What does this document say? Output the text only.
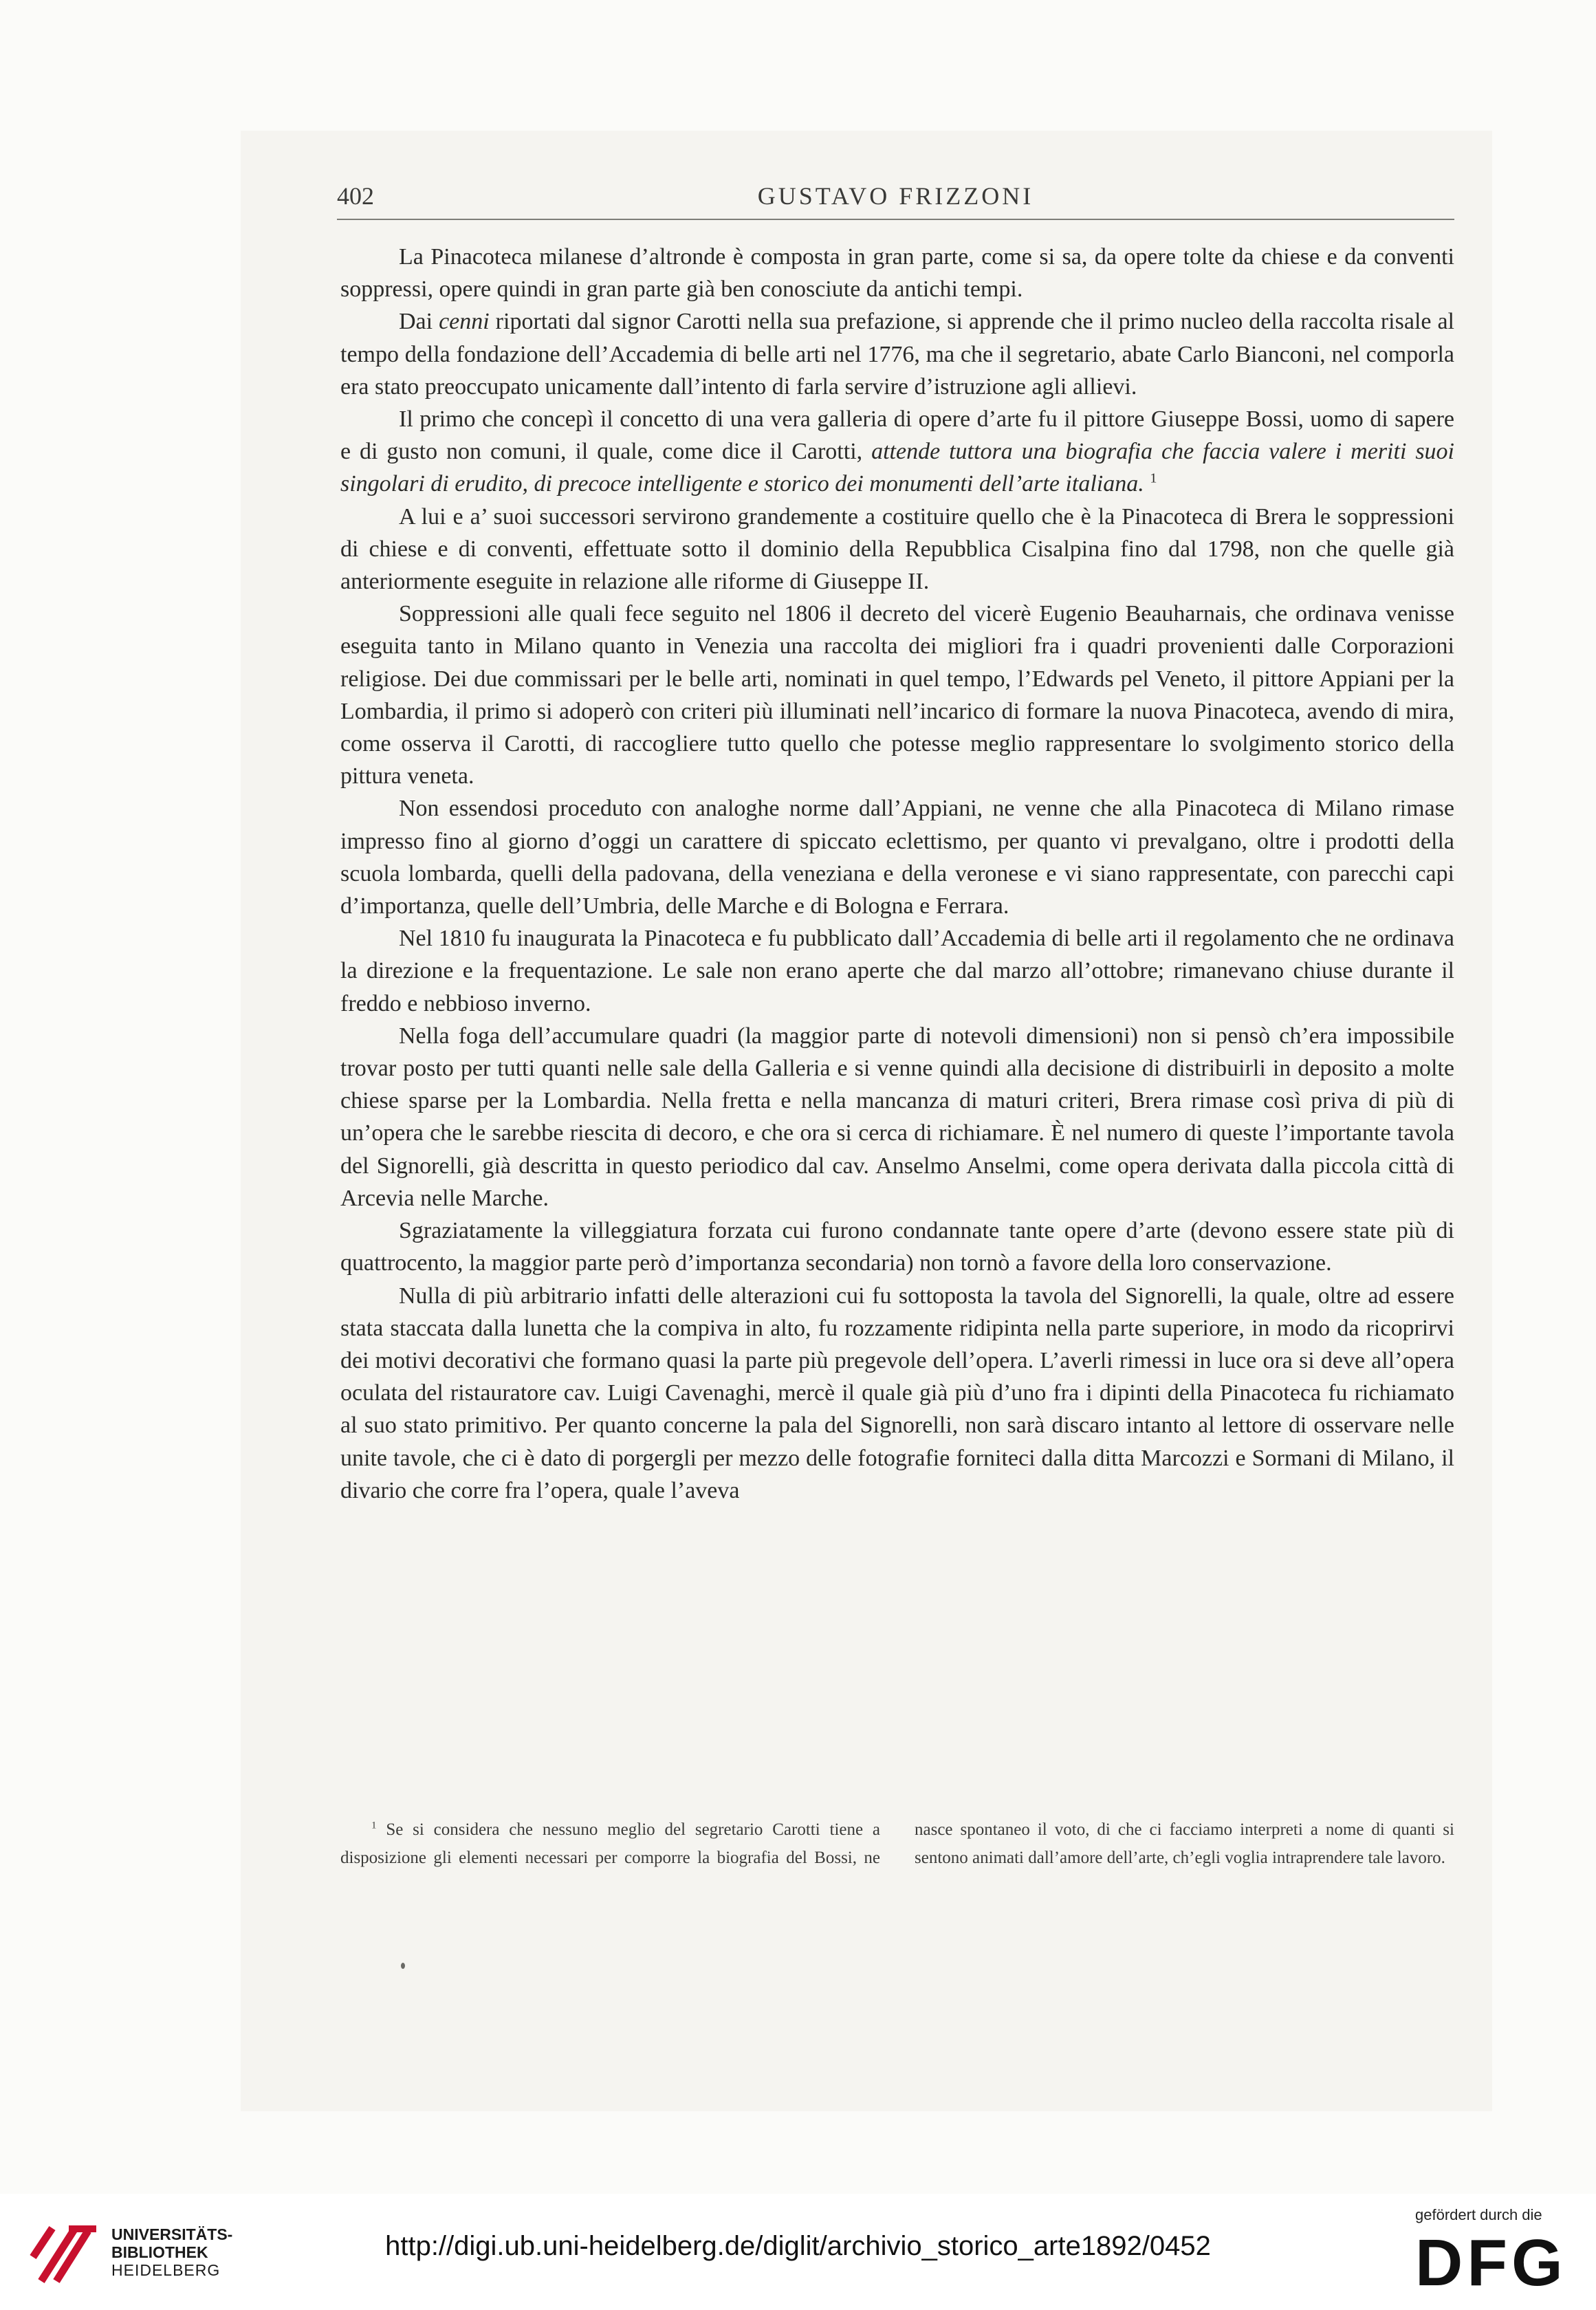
402	GUSTAVO FRIZZONI

La Pinacoteca milanese d’altronde è composta in gran parte, come si sa, da opere tolte da chiese e da conventi soppressi, opere quindi in gran parte già ben conosciute da antichi tempi.

Dai cenni riportati dal signor Carotti nella sua prefazione, si apprende che il primo nucleo della raccolta risale al tempo della fondazione dell’Accademia di belle arti nel 1776, ma che il segretario, abate Carlo Bianconi, nel comporla era stato preoccupato unicamente dall’intento di farla servire d’istruzione agli allievi.

Il primo che concepì il concetto di una vera galleria di opere d’arte fu il pittore Giuseppe Bossi, uomo di sapere e di gusto non comuni, il quale, come dice il Carotti, attende tuttora una biografia che faccia valere i meriti suoi singolari di erudito, di precoce intelligente e storico dei monumenti dell’arte italiana. $^1$

A lui e a’ suoi successori servirono grandemente a costituire quello che è la Pinacoteca di Brera le soppressioni di chiese e di conventi, effettuate sotto il dominio della Repubblica Cisalpina fino dal 1798, non che quelle già anteriormente eseguite in relazione alle riforme di Giuseppe II.

Soppressioni alle quali fece seguito nel 1806 il decreto del vicerè Eugenio Beauharnais, che ordinava venisse eseguita tanto in Milano quanto in Venezia una raccolta dei migliori fra i quadri provenienti dalle Corporazioni religiose. Dei due commissari per le belle arti, nominati in quel tempo, l’Edwards pel Veneto, il pittore Appiani per la Lombardia, il primo si adoperò con criteri più illuminati nell’incarico di formare la nuova Pinacoteca, avendo di mira, come osserva il Carotti, di raccogliere tutto quello che potesse meglio rappresentare lo svolgimento storico della pittura veneta.

Non essendosi proceduto con analoghe norme dall’Appiani, ne venne che alla Pinacoteca di Milano rimase impresso fino al giorno d’oggi un carattere di spiccato eclettismo, per quanto vi prevalgano, oltre i prodotti della scuola lombarda, quelli della padovana, della veneziana e della veronese e vi siano rappresentate, con parecchi capi d’importanza, quelle dell’Umbria, delle Marche e di Bologna e Ferrara.

Nel 1810 fu inaugurata la Pinacoteca e fu pubblicato dall’Accademia di belle arti il regolamento che ne ordinava la direzione e la frequentazione. Le sale non erano aperte che dal marzo all’ottobre; rimanevano chiuse durante il freddo e nebbioso inverno.

Nella foga dell’accumulare quadri (la maggior parte di notevoli dimensioni) non si pensò ch’era impossibile trovar posto per tutti quanti nelle sale della Galleria e si venne quindi alla decisione di distribuirli in deposito a molte chiese sparse per la Lombardia. Nella fretta e nella mancanza di maturi criteri, Brera rimase così priva di più di un’opera che le sarebbe riescita di decoro, e che ora si cerca di richiamare. È nel numero di queste l’importante tavola del Signorelli, già descritta in questo periodico dal cav. Anselmo Anselmi, come opera derivata dalla piccola città di Arcevia nelle Marche.

Sgraziatamente la villeggiatura forzata cui furono condannate tante opere d’arte (devono essere state più di quattrocento, la maggior parte però d’importanza secondaria) non tornò a favore della loro conservazione.

Nulla di più arbitrario infatti delle alterazioni cui fu sottoposta la tavola del Signorelli, la quale, oltre ad essere stata staccata dalla lunetta che la compiva in alto, fu rozzamente ridipinta nella parte superiore, in modo da ricoprirvi dei motivi decorativi che formano quasi la parte più pregevole dell’opera. L’averli rimessi in luce ora si deve all’opera oculata del ristauratore cav. Luigi Cavenaghi, mercè il quale già più d’uno fra i dipinti della Pinacoteca fu richiamato al suo stato primitivo. Per quanto concerne la pala del Signorelli, non sarà discaro intanto al lettore di osservare nelle unite tavole, che ci è dato di porgergli per mezzo delle fotografie forniteci dalla ditta Marcozzi e Sormani di Milano, il divario che corre fra l’opera, quale l’aveva

$^1$ Se si considera che nessuno meglio del segretario Carotti tiene a disposizione gli elementi necessari per comporre la biografia del Bossi, ne nasce spontaneo il voto, di che ci facciamo interpreti a nome di quanti si sentono animati dall’amore dell’arte, ch’egli voglia intraprendere tale lavoro.

UNIVERSITÄTS-
BIBLIOTHEK
HEIDELBERG
http://digi.ub.uni-heidelberg.de/diglit/archivio_storico_arte1892/0452
gefördert durch die
DFG
